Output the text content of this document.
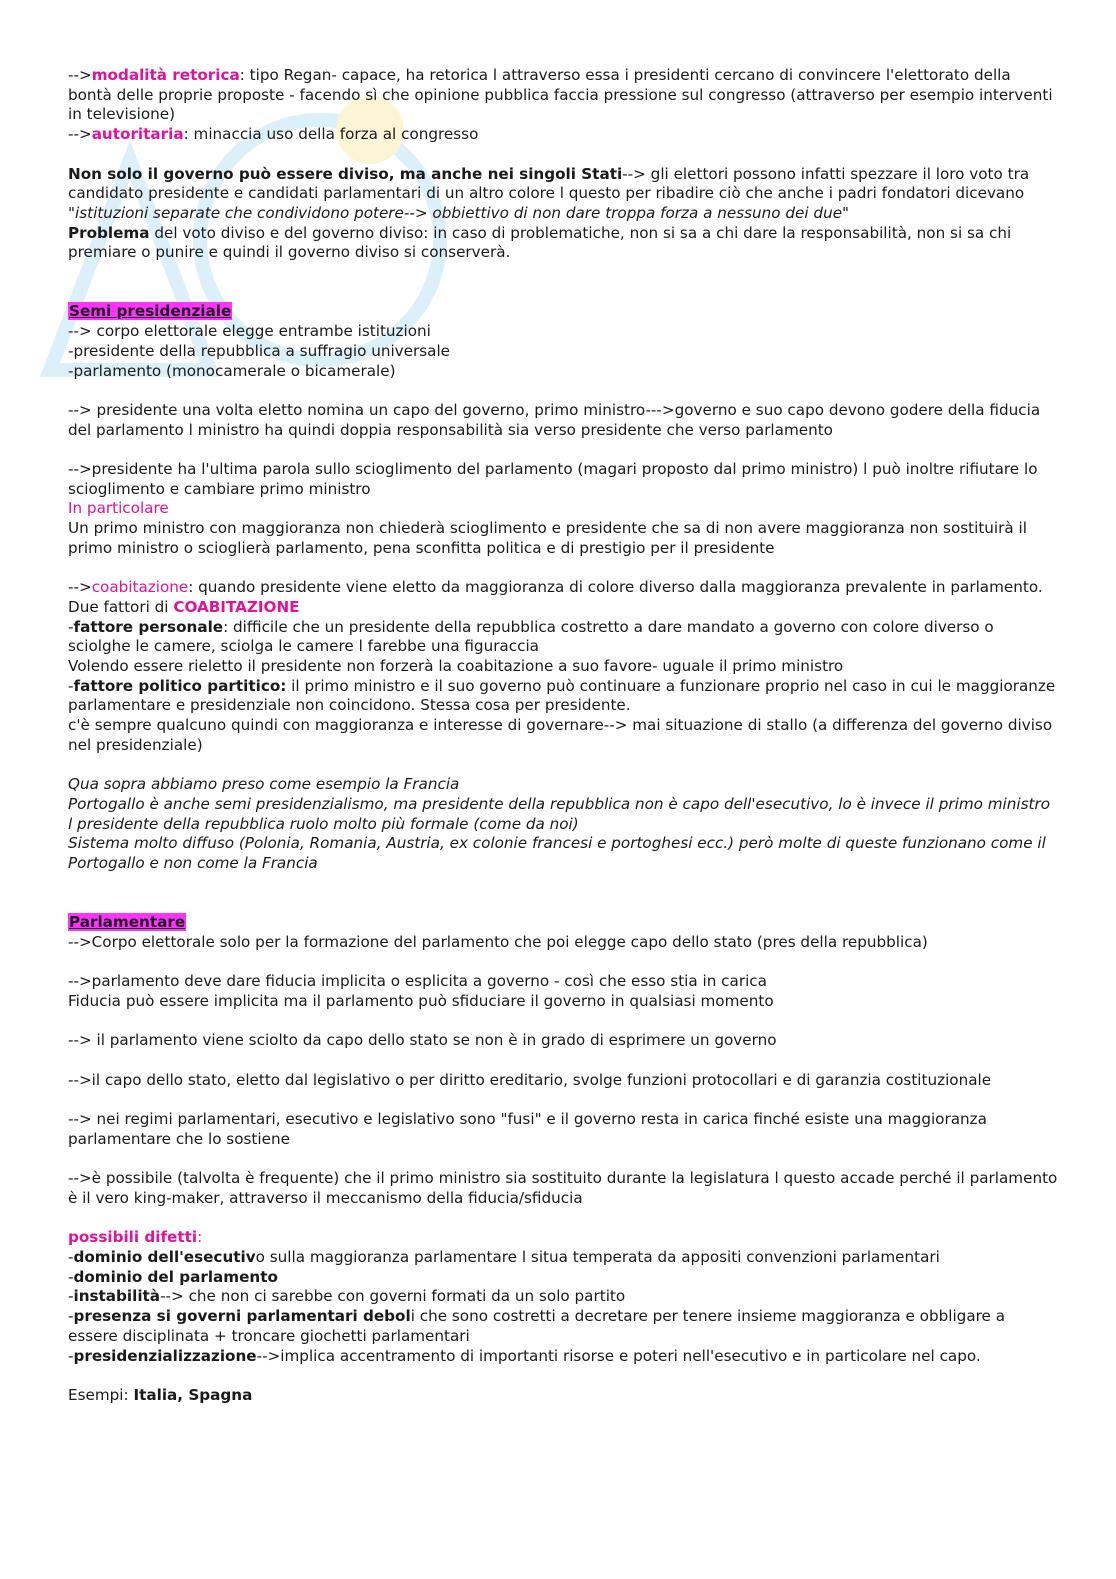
-->modalità retorica: tipo Regan- capace, ha retorica l attraverso essa i presidenti cercano di convincere l'elettorato della bontà delle proprie proposte - facendo sì che opinione pubblica faccia pressione sul congresso (attraverso per esempio interventi in televisione)

-->autoritaria: minaccia uso della forza al congresso

Non solo il governo può essere diviso, ma anche nei singoli Stati--> gli elettori possono infatti spezzare il loro voto tra candidato presidente e candidati parlamentari di un altro colore l questo per ribadire ciò che anche i padri fondatori dicevano "istituzioni separate che condividono potere--> obbiettivo di non dare troppa forza a nessuno dei due"

Problema del voto diviso e del governo diviso: in caso di problematiche, non si sa a chi dare la responsabilità, non si sa chi premiare o punire e quindi il governo diviso si conserverà.

Semi presidenziale

--> corpo elettorale elegge entrambe istituzioni

-presidente della repubblica a suffragio universale

-parlamento (monocamerale o bicamerale)

--> presidente una volta eletto nomina un capo del governo, primo ministro--->governo e suo capo devono godere della fiducia del parlamento l ministro ha quindi doppia responsabilità sia verso presidente che verso parlamento

-->presidente ha l'ultima parola sullo scioglimento del parlamento (magari proposto dal primo ministro) l può inoltre rifiutare lo scioglimento e cambiare primo ministro

In particolare

Un primo ministro con maggioranza non chiederà scioglimento e presidente che sa di non avere maggioranza non sostituirà il primo ministro o scioglierà parlamento, pena sconfitta politica e di prestigio per il presidente

-->coabitazione: quando presidente viene eletto da maggioranza di colore diverso dalla maggioranza prevalente in parlamento.

Due fattori di COABITAZIONE

-fattore personale: difficile che un presidente della repubblica costretto a dare mandato a governo con colore diverso o sciolghe le camere, sciolga le camere l farebbe una figuraccia

Volendo essere rieletto il presidente non forzerà la coabitazione a suo favore- uguale il primo ministro

-fattore politico partitico: il primo ministro e il suo governo può continuare a funzionare proprio nel caso in cui le maggioranze parlamentare e presidenziale non coincidono. Stessa cosa per presidente.

c'è sempre qualcuno quindi con maggioranza e interesse di governare--> mai situazione di stallo (a differenza del governo diviso nel presidenziale)

Qua sopra abbiamo preso come esempio la Francia

Portogallo è anche semi presidenzialismo, ma presidente della repubblica non è capo dell'esecutivo, lo è invece il primo ministro l presidente della repubblica ruolo molto più formale (come da noi)

Sistema molto diffuso (Polonia, Romania, Austria, ex colonie francesi e portoghesi ecc.) però molte di queste funzionano come il Portogallo e non come la Francia

Parlamentare

-->Corpo elettorale solo per la formazione del parlamento che poi elegge capo dello stato (pres della repubblica)

-->parlamento deve dare fiducia implicita o esplicita a governo - così che esso stia in carica

Fiducia può essere implicita ma il parlamento può sfiduciare il governo in qualsiasi momento

--> il parlamento viene sciolto da capo dello stato se non è in grado di esprimere un governo

-->il capo dello stato, eletto dal legislativo o per diritto ereditario, svolge funzioni protocollari e di garanzia costituzionale

--> nei regimi parlamentari, esecutivo e legislativo sono "fusi" e il governo resta in carica finché esiste una maggioranza parlamentare che lo sostiene

-->è possibile (talvolta è frequente) che il primo ministro sia sostituito durante la legislatura l questo accade perché il parlamento è il vero king-maker, attraverso il meccanismo della fiducia/sfiducia

possibili difetti:

-dominio dell'esecutivo sulla maggioranza parlamentare l situa temperata da appositi convenzioni parlamentari

-dominio del parlamento

-instabilità--> che non ci sarebbe con governi formati da un solo partito

-presenza si governi parlamentari deboli che sono costretti a decretare per tenere insieme maggioranza e obbligare a essere disciplinata + troncare giochetti parlamentari

-presidenzializzazione-->implica accentramento di importanti risorse e poteri nell'esecutivo e in particolare nel capo.

Esempi: Italia, Spagna
